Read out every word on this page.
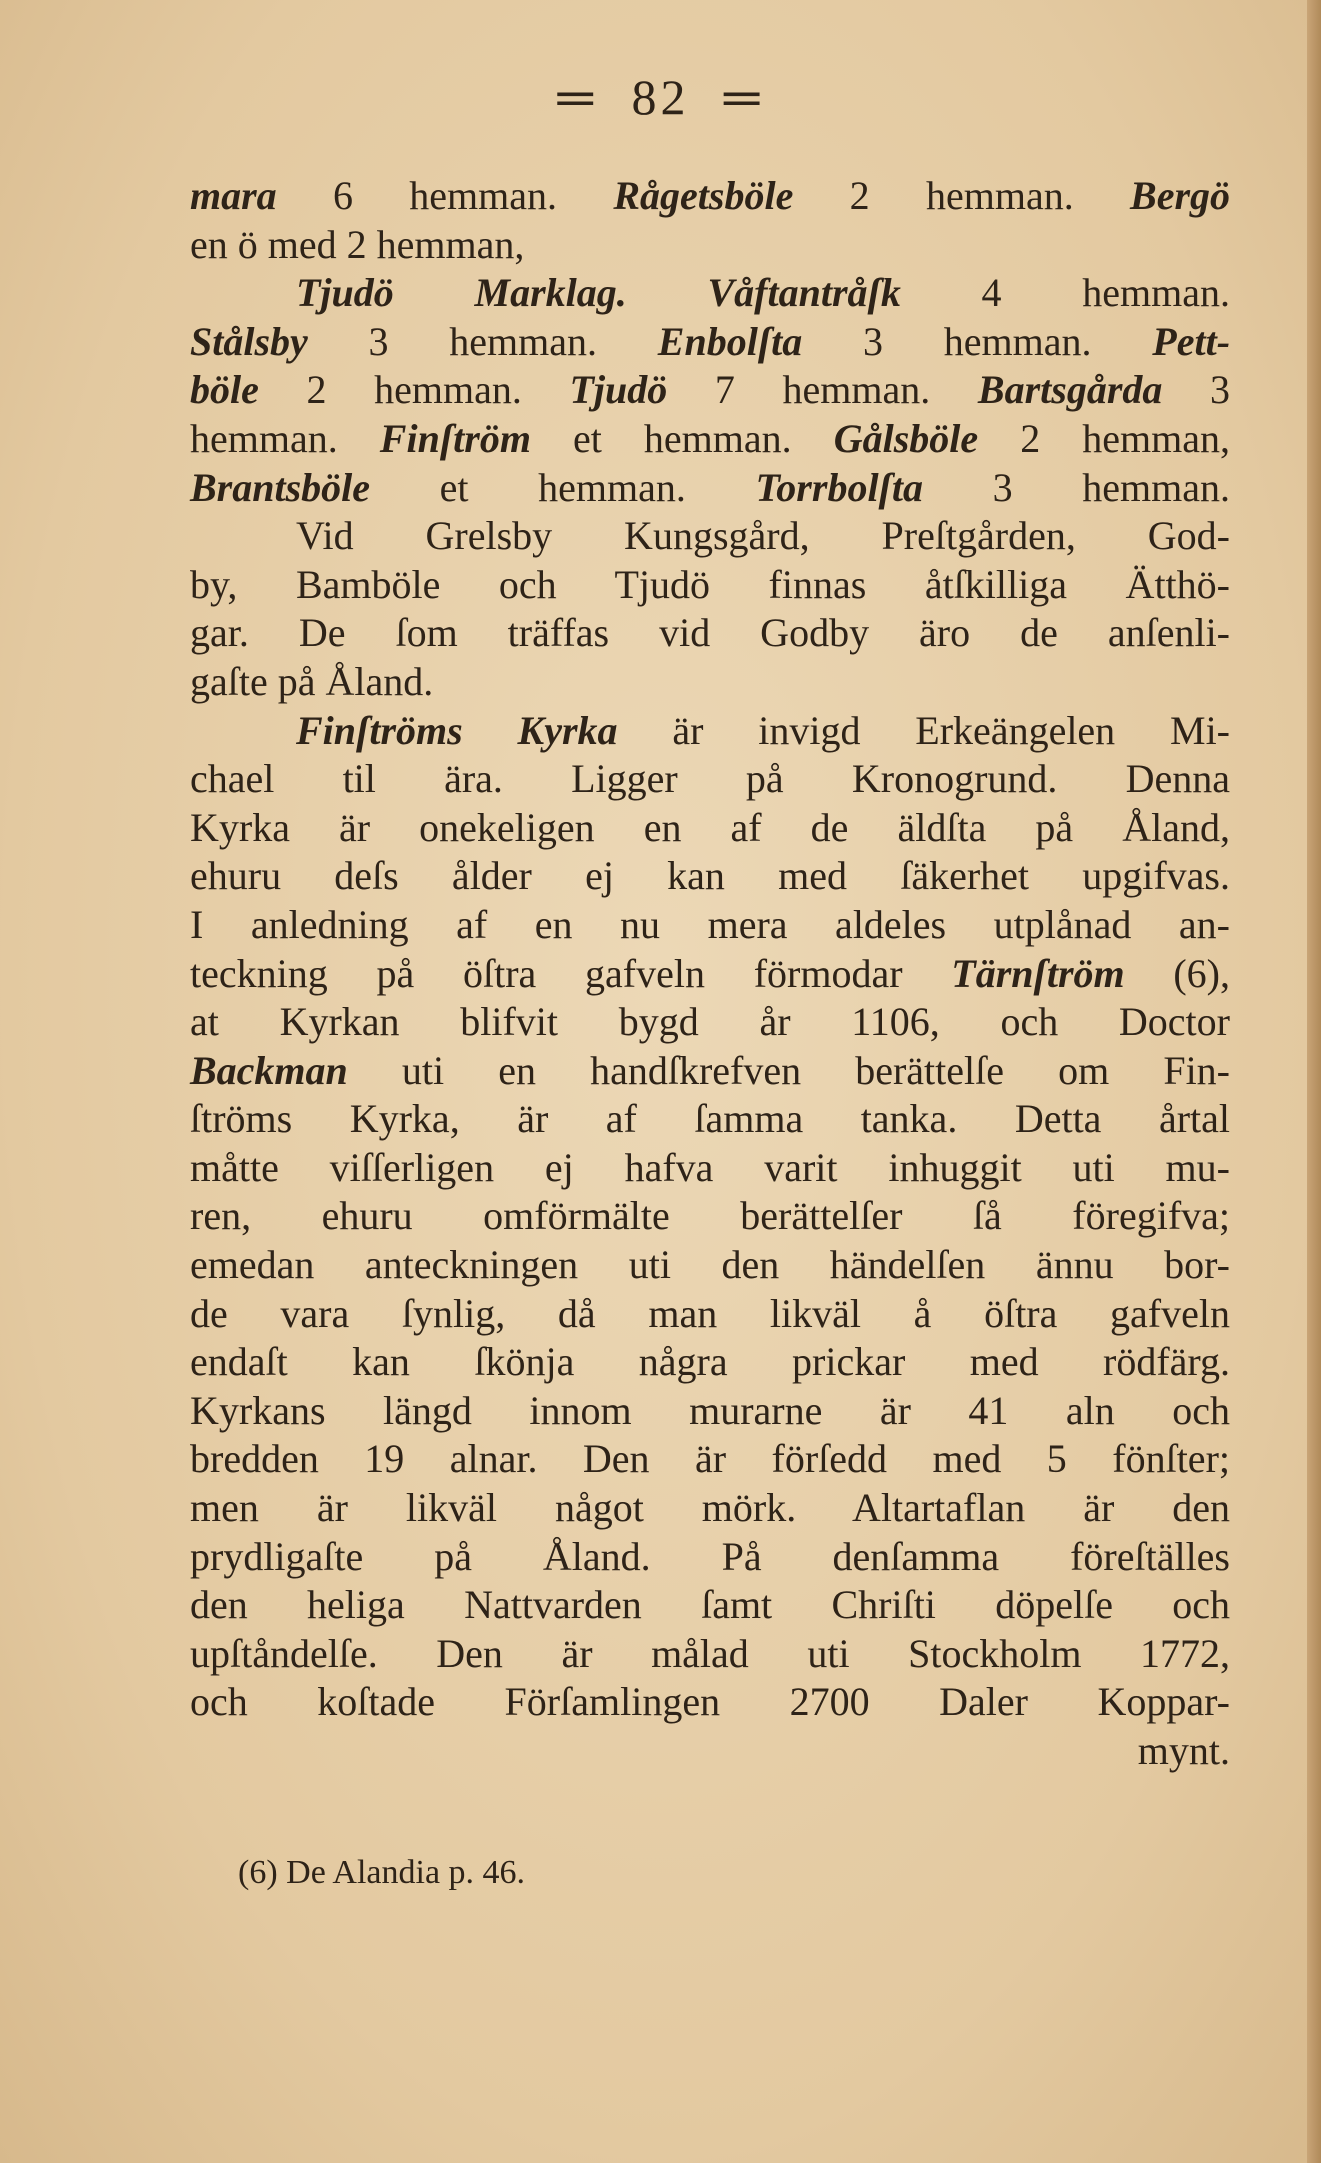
═ 82 ═
mara 6 hemman. Rågetsböle 2 hemman. Bergö
en ö med 2 hemman,
Tjudö Marklag. Våftantråſk 4 hemman.
Stålsby 3 hemman. Enbolſta 3 hemman. Pett-
böle 2 hemman. Tjudö 7 hemman. Bartsgårda 3
hemman. Finſtröm et hemman. Gålsböle 2 hemman,
Brantsböle et hemman. Torrbolſta 3 hemman.
Vid Grelsby Kungsgård, Preſtgården, God-
by, Bamböle och Tjudö finnas åtſkilliga Ätthö-
gar. De ſom träffas vid Godby äro de anſenli-
gaſte på Åland.
Finſtröms Kyrka är invigd Erkeängelen Mi-
chael til ära. Ligger på Kronogrund. Denna
Kyrka är onekeligen en af de äldſta på Åland,
ehuru deſs ålder ej kan med ſäkerhet upgifvas.
I anledning af en nu mera aldeles utplånad an-
teckning på öſtra gafveln förmodar Tärnſtröm (6),
at Kyrkan blifvit bygd år 1106, och Doctor
Backman uti en handſkrefven berättelſe om Fin-
ſtröms Kyrka, är af ſamma tanka. Detta årtal
måtte viſſerligen ej hafva varit inhuggit uti mu-
ren, ehuru omförmälte berättelſer ſå föregifva;
emedan anteckningen uti den händelſen ännu bor-
de vara ſynlig, då man likväl å öſtra gafveln
endaſt kan ſkönja några prickar med rödfärg.
Kyrkans längd innom murarne är 41 aln och
bredden 19 alnar. Den är förſedd med 5 fönſter;
men är likväl något mörk. Altartaflan är den
prydligaſte på Åland. På denſamma föreſtälles
den heliga Nattvarden ſamt Chriſti döpelſe och
upſtåndelſe. Den är målad uti Stockholm 1772,
och koſtade Förſamlingen 2700 Daler Koppar-
mynt.
(6) De Alandia p. 46.
